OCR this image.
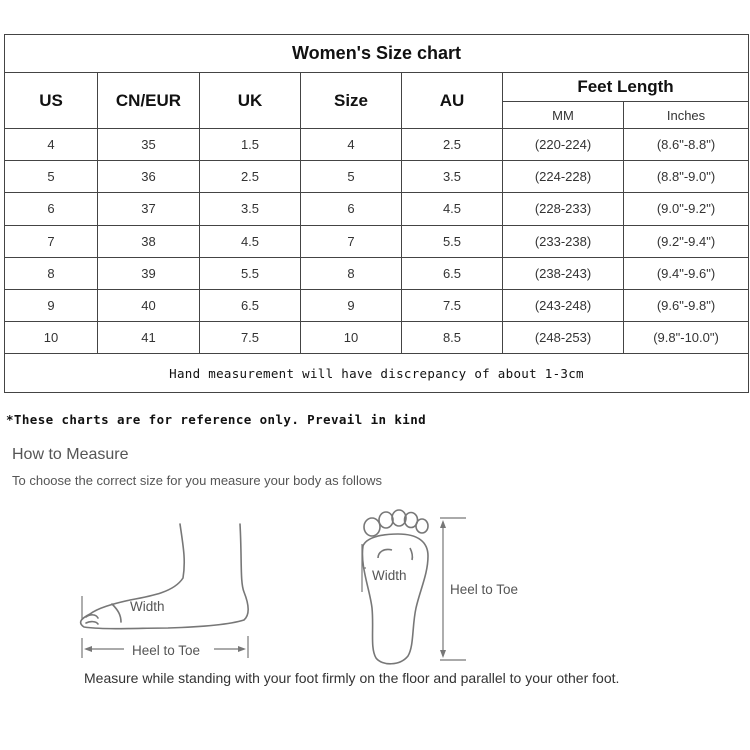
Women's Size chart						
US	CN/EUR	UK	Size	AU	Feet Length	
					MM	Inches
4	35	1.5	4	2.5	(220-224)	(8.6"-8.8")
5	36	2.5	5	3.5	(224-228)	(8.8"-9.0")
6	37	3.5	6	4.5	(228-233)	(9.0"-9.2")
7	38	4.5	7	5.5	(233-238)	(9.2"-9.4")
8	39	5.5	8	6.5	(238-243)	(9.4"-9.6")
9	40	6.5	9	7.5	(243-248)	(9.6"-9.8")
10	41	7.5	10	8.5	(248-253)	(9.8"-10.0")
Hand measurement will have discrepancy of about 1-3cm						
*These charts are for reference only. Prevail in kind
How to Measure
To choose the correct size for you measure your body as follows
Width
Heel to Toe
Width
Heel to Toe
Measure while standing with your foot firmly on the floor and parallel to your other foot.
